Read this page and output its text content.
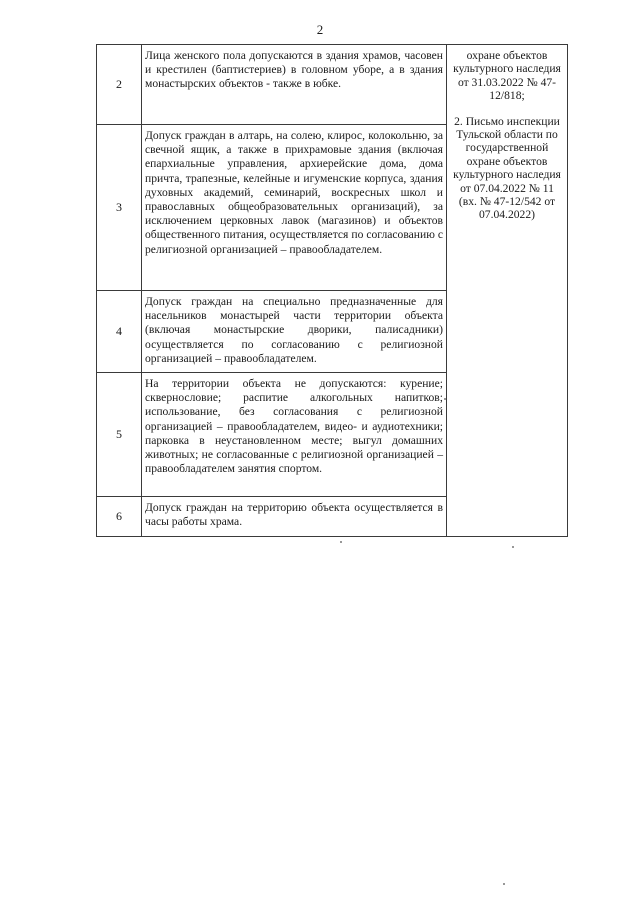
2
2	Лица женского пола допускаются в здания храмов, часовен и крестилен (баптистериев) в головном уборе, а в здания монастырских объектов - также в юбке.	охране объектов культурного наследия от 31.03.2022 № 47-12/818;
2. Письмо инспекции Тульской области по государственной охране объектов культурного наследия от 07.04.2022 № 11 (вх. № 47-12/542 от 07.04.2022)

3	Допуск граждан в алтарь, на солею, клирос, колокольню, за свечной ящик, а также в прихрамовые здания (включая епархиальные управления, архиерейские дома, дома причта, трапезные, келейные и игуменские корпуса, здания духовных академий, семинарий, воскресных школ и православных общеобразовательных организаций), за исключением церковных лавок (магазинов) и объектов общественного питания, осуществляется по согласованию с религиозной организацией – правообладателем.	
4	Допуск граждан на специально предназначенные для насельников монастырей части территории объекта (включая монастырские дворики, палисадники) осуществляется по согласованию с религиозной организацией – правообладателем.	
5	На территории объекта не допускаются: курение; сквернословие; распитие алкогольных напитков; использование, без согласования с религиозной организацией – правообладателем, видео- и аудиотехники; парковка в неустановленном месте; выгул домашних животных; не согласованные с религиозной организацией – правообладателем занятия спортом.	
6	Допуск граждан на территорию объекта осуществляется в часы работы храма.	
